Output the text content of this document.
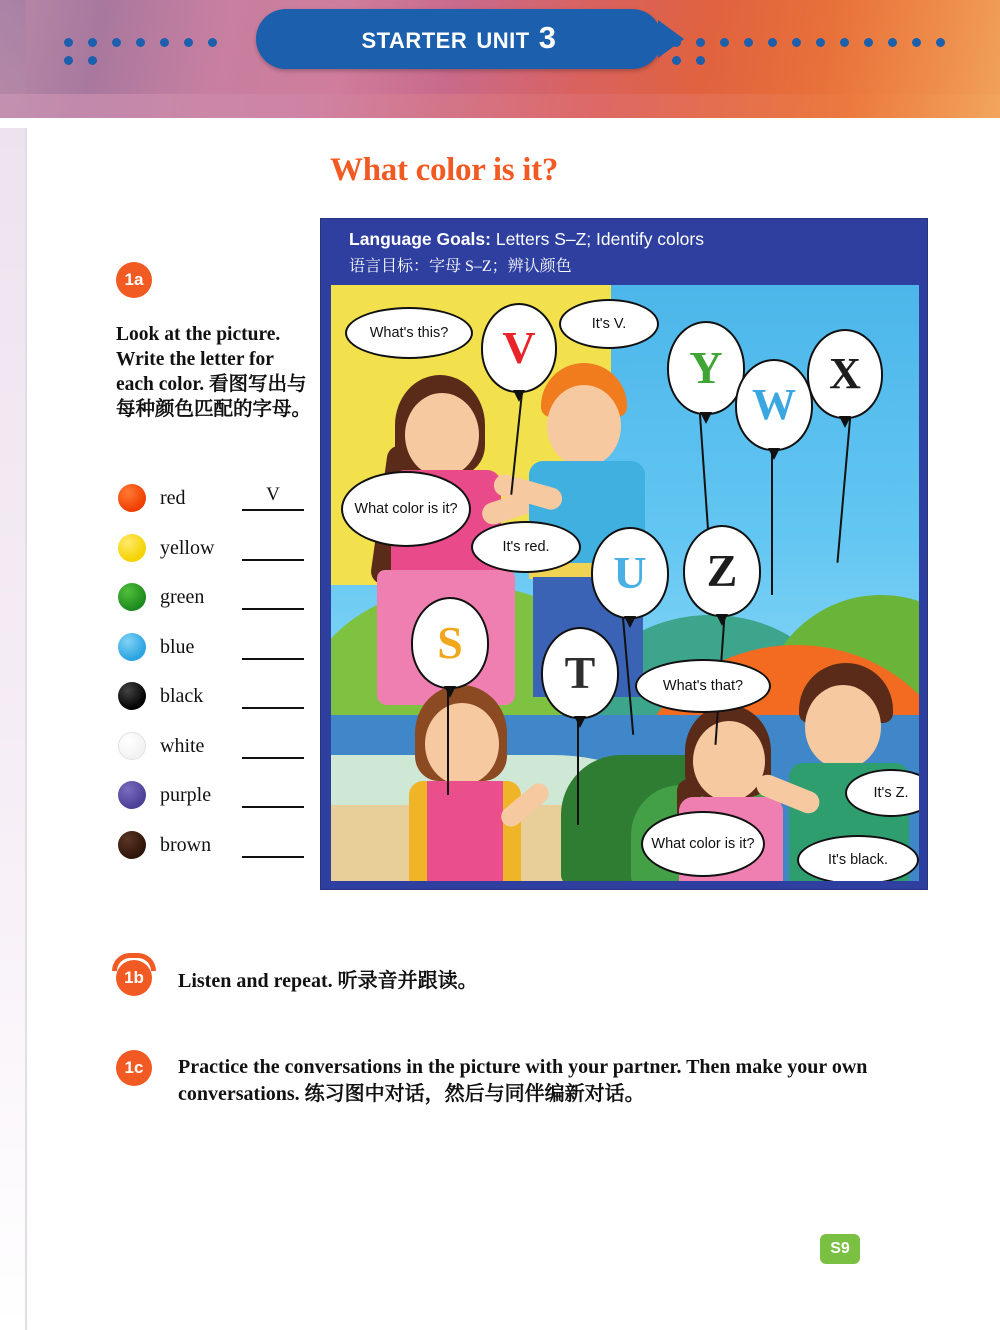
starter unit 3
What color is it?
1a
Look at the picture. Write the letter for each color. 看图写出与每种颜色匹配的字母。
red	V
yellow
green
blue
black
white
purple
brown
Language Goals: Letters S–Z; Identify colors
语言目标：字母 S–Z；辨认颜色
V	Y	X
W
U	Z
S
T
What's this?
It's V.
What color is it?
It's red.
What's that?
It's Z.
What color is it?
It's black.
1b	Listen and repeat. 听录音并跟读。
1c	Practice the conversations in the picture with your partner. Then make your own conversations. 练习图中对话，然后与同伴编新对话。
S9
